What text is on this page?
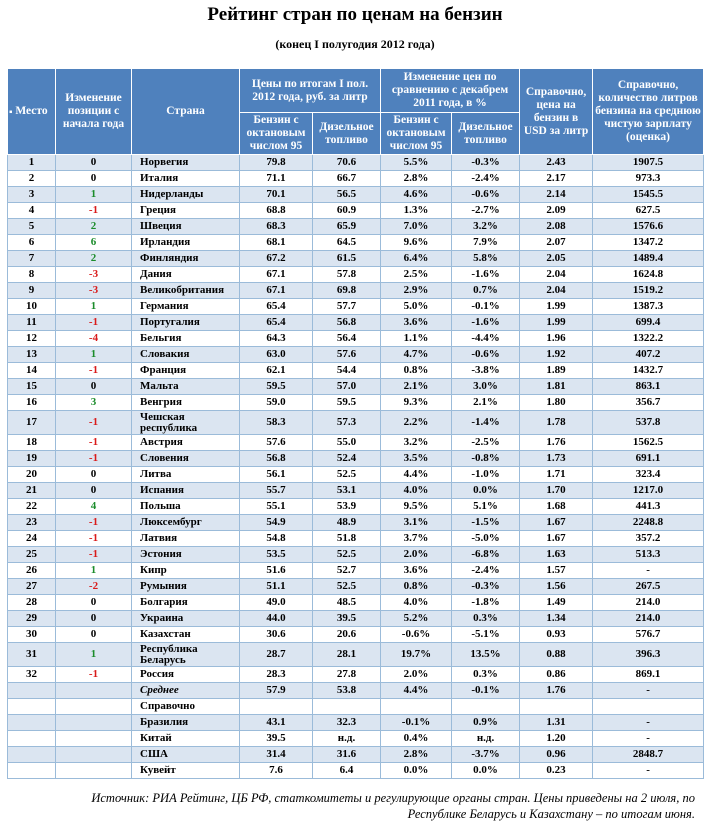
Рейтинг стран по ценам на бензин
(конец I полугодия 2012 года)
▪ Место	Изменение позиции с начала года	Страна	Цены по итогам I пол. 2012 года, руб. за литр		Изменение цен по сравнению с декабрем 2011 года, в %		Справочно, цена на бензин в USD за литр	Справочно, количество литров бензина на среднюю чистую зарплату (оценка)
			Бензин с октановым числом 95	Дизельное топливо	Бензин с октановым числом 95	Дизельное топливо		
1	0	Норвегия	79.8	70.6	5.5%	-0.3%	2.43	1907.5
2	0	Италия	71.1	66.7	2.8%	-2.4%	2.17	973.3
3	1	Нидерланды	70.1	56.5	4.6%	-0.6%	2.14	1545.5
4	-1	Греция	68.8	60.9	1.3%	-2.7%	2.09	627.5
5	2	Швеция	68.3	65.9	7.0%	3.2%	2.08	1576.6
6	6	Ирландия	68.1	64.5	9.6%	7.9%	2.07	1347.2
7	2	Финляндия	67.2	61.5	6.4%	5.8%	2.05	1489.4
8	-3	Дания	67.1	57.8	2.5%	-1.6%	2.04	1624.8
9	-3	Великобритания	67.1	69.8	2.9%	0.7%	2.04	1519.2
10	1	Германия	65.4	57.7	5.0%	-0.1%	1.99	1387.3
11	-1	Португалия	65.4	56.8	3.6%	-1.6%	1.99	699.4
12	-4	Бельгия	64.3	56.4	1.1%	-4.4%	1.96	1322.2
13	1	Словакия	63.0	57.6	4.7%	-0.6%	1.92	407.2
14	-1	Франция	62.1	54.4	0.8%	-3.8%	1.89	1432.7
15	0	Мальта	59.5	57.0	2.1%	3.0%	1.81	863.1
16	3	Венгрия	59.0	59.5	9.3%	2.1%	1.80	356.7
17	-1	Чешская республика	58.3	57.3	2.2%	-1.4%	1.78	537.8
18	-1	Австрия	57.6	55.0	3.2%	-2.5%	1.76	1562.5
19	-1	Словения	56.8	52.4	3.5%	-0.8%	1.73	691.1
20	0	Литва	56.1	52.5	4.4%	-1.0%	1.71	323.4
21	0	Испания	55.7	53.1	4.0%	0.0%	1.70	1217.0
22	4	Польша	55.1	53.9	9.5%	5.1%	1.68	441.3
23	-1	Люксембург	54.9	48.9	3.1%	-1.5%	1.67	2248.8
24	-1	Латвия	54.8	51.8	3.7%	-5.0%	1.67	357.2
25	-1	Эстония	53.5	52.5	2.0%	-6.8%	1.63	513.3
26	1	Кипр	51.6	52.7	3.6%	-2.4%	1.57	-
27	-2	Румыния	51.1	52.5	0.8%	-0.3%	1.56	267.5
28	0	Болгария	49.0	48.5	4.0%	-1.8%	1.49	214.0
29	0	Украина	44.0	39.5	5.2%	0.3%	1.34	214.0
30	0	Казахстан	30.6	20.6	-0.6%	-5.1%	0.93	576.7
31	1	Республика Беларусь	28.7	28.1	19.7%	13.5%	0.88	396.3
32	-1	Россия	28.3	27.8	2.0%	0.3%	0.86	869.1
		Среднее	57.9	53.8	4.4%	-0.1%	1.76	-
		Справочно						
		Бразилия	43.1	32.3	-0.1%	0.9%	1.31	-
		Китай	39.5	н.д.	0.4%	н.д.	1.20	-
		США	31.4	31.6	2.8%	-3.7%	0.96	2848.7
		Кувейт	7.6	6.4	0.0%	0.0%	0.23	-
Источник: РИА Рейтинг, ЦБ РФ, статкомитеты и регулирующие органы стран. Цены приведены на 2 июля, по
Республике Беларусь и Казахстану – по итогам июня.
